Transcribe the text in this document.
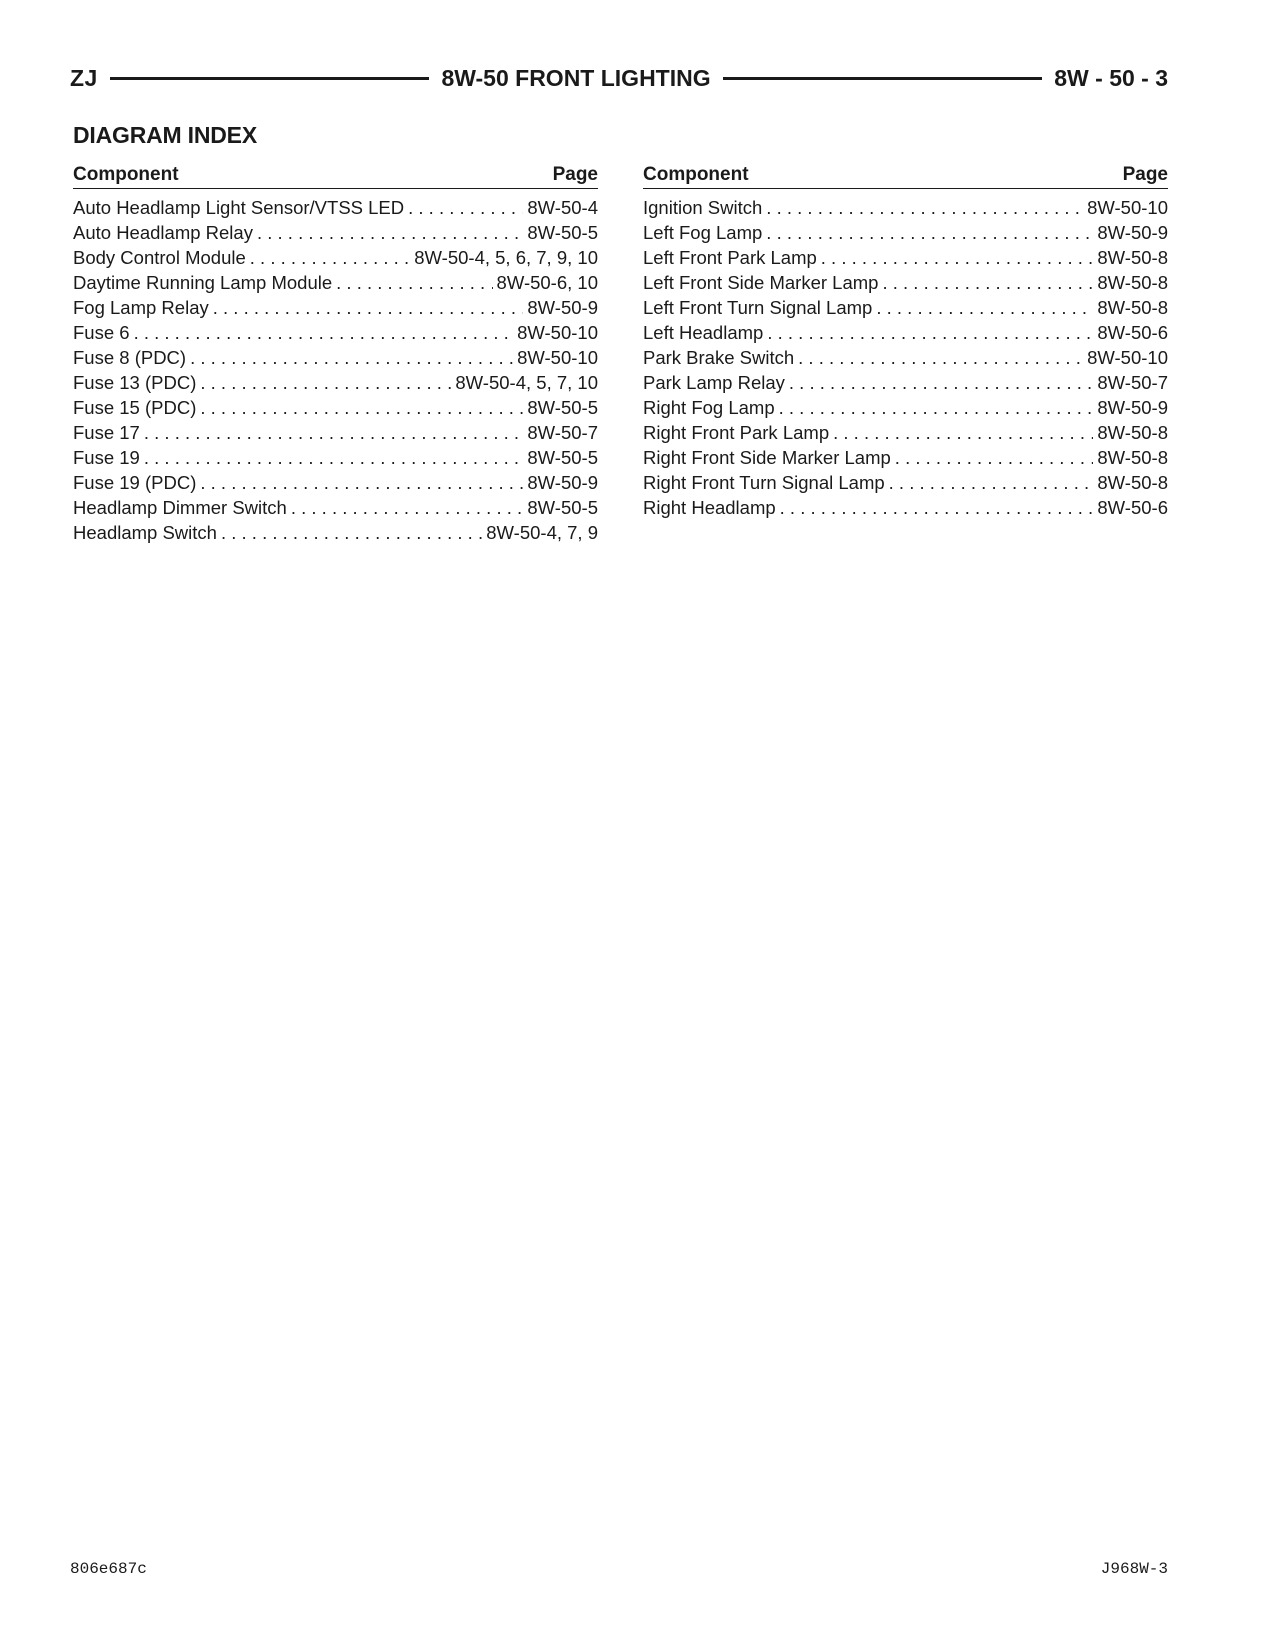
ZJ	8W-50 FRONT LIGHTING	8W - 50 - 3
DIAGRAM INDEX
Component	Page
Auto Headlamp Light Sensor/VTSS LED . . .	8W-50-4
Auto Headlamp Relay . . .	8W-50-5
Body Control Module . . .	8W-50-4, 5, 6, 7, 9, 10
Daytime Running Lamp Module . . .	8W-50-6, 10
Fog Lamp Relay . . .	8W-50-9
Fuse 6 . . .	8W-50-10
Fuse 8 (PDC) . . .	8W-50-10
Fuse 13 (PDC) . . .	8W-50-4, 5, 7, 10
Fuse 15 (PDC) . . .	8W-50-5
Fuse 17 . . .	8W-50-7
Fuse 19 . . .	8W-50-5
Fuse 19 (PDC) . . .	8W-50-9
Headlamp Dimmer Switch . . .	8W-50-5
Headlamp Switch . . .	8W-50-4, 7, 9
Component	Page
Ignition Switch . . .	8W-50-10
Left Fog Lamp . . .	8W-50-9
Left Front Park Lamp . . .	8W-50-8
Left Front Side Marker Lamp . . .	8W-50-8
Left Front Turn Signal Lamp . . .	8W-50-8
Left Headlamp . . .	8W-50-6
Park Brake Switch . . .	8W-50-10
Park Lamp Relay . . .	8W-50-7
Right Fog Lamp . . .	8W-50-9
Right Front Park Lamp . . .	8W-50-8
Right Front Side Marker Lamp . . .	8W-50-8
Right Front Turn Signal Lamp . . .	8W-50-8
Right Headlamp . . .	8W-50-6
806e687c	J968W-3
